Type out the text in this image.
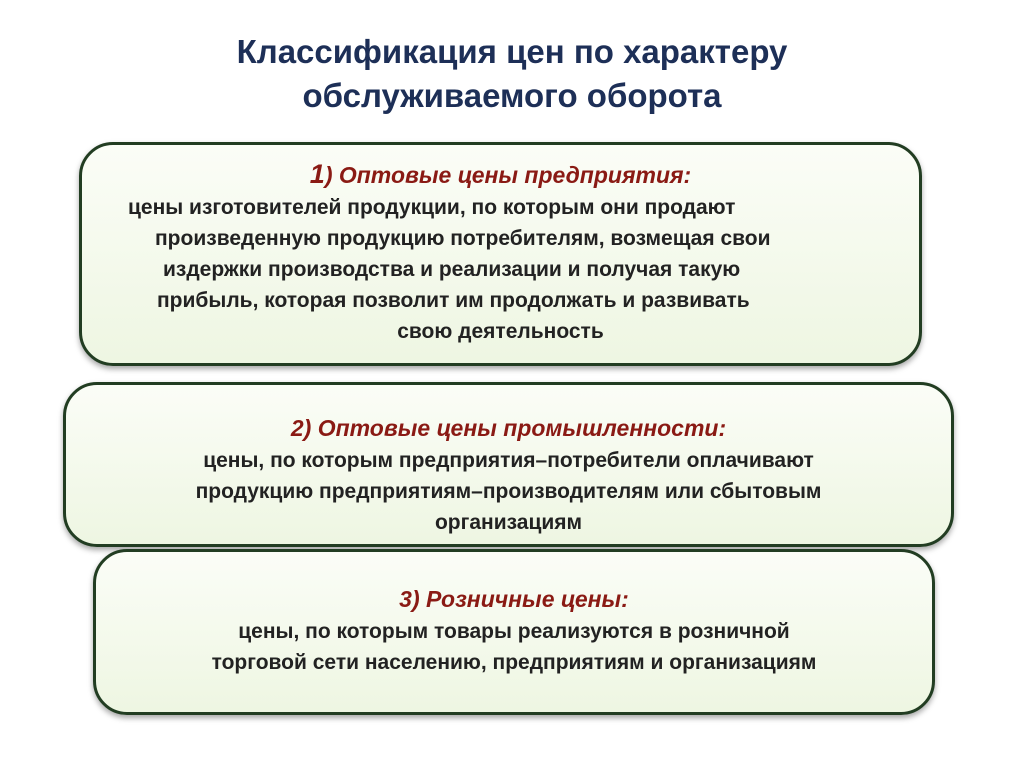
Классификация цен по характеру
обслуживаемого оборота
1) Оптовые цены предприятия:
цены изготовителей продукции, по которым они продают
произведенную продукцию потребителям, возмещая свои
издержки производства и реализации и получая такую
прибыль, которая позволит им продолжать и развивать
свою деятельность
2) Оптовые цены промышленности:
цены, по которым предприятия–потребители оплачивают
продукцию предприятиям–производителям или сбытовым
организациям
3) Розничные цены:
цены, по которым товары реализуются в розничной
торговой сети населению, предприятиям и организациям
